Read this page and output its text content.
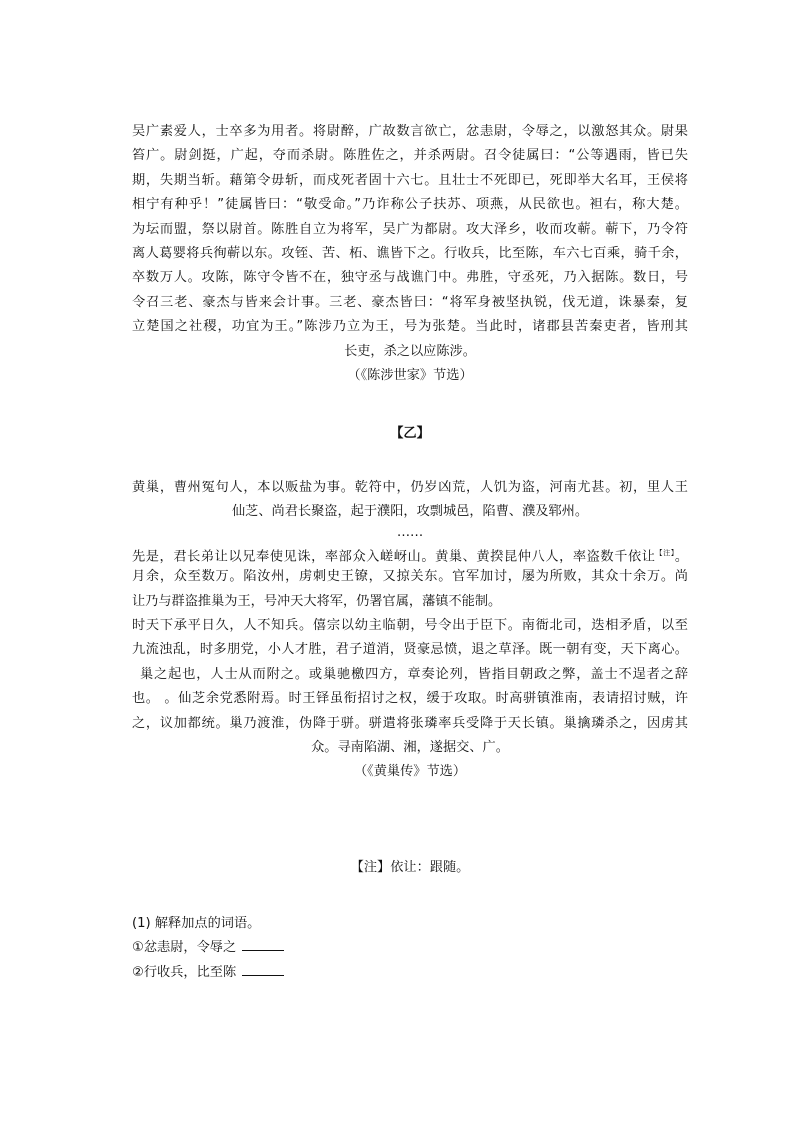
吴广素爱人，士卒多为用者。将尉醉，广故数言欲亡，忿恚尉，令辱之，以激怒其众。尉果
笞广。尉剑挺，广起，夺而杀尉。陈胜佐之，并杀两尉。召令徒属曰：“公等遇雨，皆已失
期，失期当斩。藉第令毋斩，而戍死者固十六七。且壮士不死即已，死即举大名耳，王侯将
相宁有种乎！”徒属皆曰：“敬受命。”乃诈称公子扶苏、项燕，从民欲也。袒右，称大楚。
为坛而盟，祭以尉首。陈胜自立为将军，吴广为都尉。攻大泽乡，收而攻蕲。蕲下，乃令符
离人葛婴将兵徇蕲以东。攻铚、苦、柘、谯皆下之。行收兵，比至陈，车六七百乘，骑千余，
卒数万人。攻陈，陈守令皆不在，独守丞与战谯门中。弗胜，守丞死，乃入据陈。数日，号
令召三老、豪杰与皆来会计事。三老、豪杰皆曰：“将军身被坚执锐，伐无道，诛暴秦，复
立楚国之社稷，功宜为王。”陈涉乃立为王，号为张楚。当此时，诸郡县苦秦吏者，皆刑其
长吏，杀之以应陈涉。
（《陈涉世家》节选）
【乙】
黄巢，曹州冤句人，本以贩盐为事。乾符中，仍岁凶荒，人饥为盗，河南尤甚。初，里人王
仙芝、尚君长聚盗，起于濮阳，攻剽城邑，陷曹、濮及郓州。
……
先是，君长弟让以兄奉使见诛，率部众入嵯岈山。黄巢、黄揆昆仲八人，率盗数千依让$^{【注】}$。
月余，众至数万。陷汝州，虏刺史王镣，又掠关东。官军加讨，屡为所败，其众十余万。尚
让乃与群盗推巢为王，号冲天大将军，仍署官属，藩镇不能制。
时天下承平日久，人不知兵。僖宗以幼主临朝，号令出于臣下。南衙北司，迭相矛盾，以至
九流浊乱，时多朋党，小人才胜，君子道消，贤豪忌愤，退之草泽。既一朝有变，天下离心。
巢之起也，人士从而附之。或巢驰檄四方，章奏论列，皆指目朝政之弊，盖士不逞者之辞
也。 。仙芝余党悉附焉。时王铎虽衔招讨之权，缓于攻取。时高骈镇淮南，表请招讨贼，许
之，议加都统。巢乃渡淮，伪降于骈。骈遣将张璘率兵受降于天长镇。巢擒璘杀之，因虏其
众。寻南陷湖、湘，遂据交、广。
（《黄巢传》节选）
【注】依让：跟随。
(1) 解释加点的词语。
①忿恚尉，令辱之
②行收兵，比至陈
